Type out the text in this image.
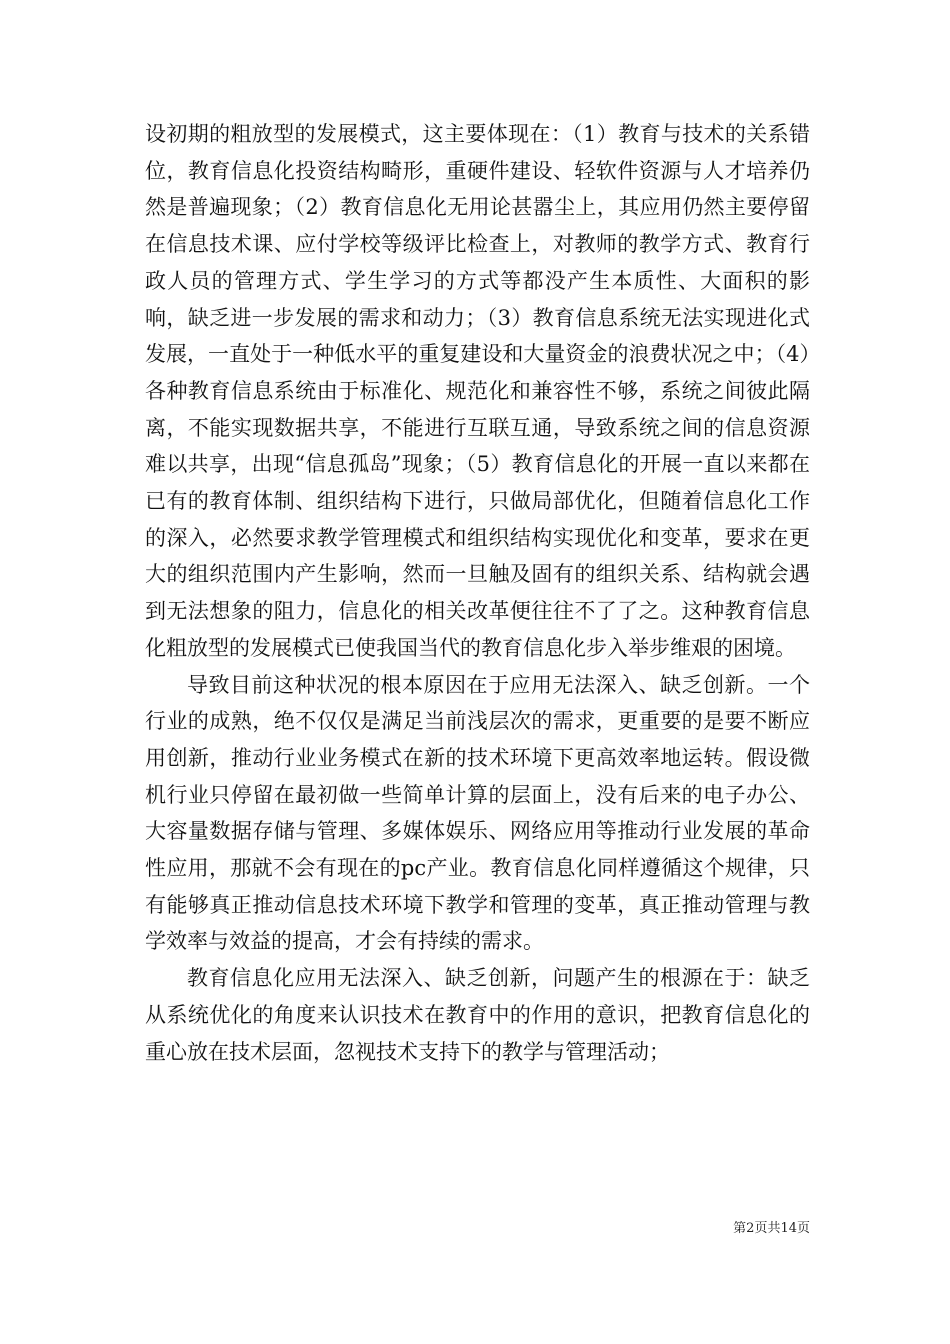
设初期的粗放型的发展模式，这主要体现在：（1）教育与技术的关系错位，教育信息化投资结构畸形，重硬件建设、轻软件资源与人才培养仍然是普遍现象；（2）教育信息化无用论甚嚣尘上，其应用仍然主要停留在信息技术课、应付学校等级评比检查上，对教师的教学方式、教育行政人员的管理方式、学生学习的方式等都没产生本质性、大面积的影响，缺乏进一步发展的需求和动力；（3）教育信息系统无法实现进化式发展，一直处于一种低水平的重复建设和大量资金的浪费状况之中；（4）各种教育信息系统由于标准化、规范化和兼容性不够，系统之间彼此隔离，不能实现数据共享，不能进行互联互通，导致系统之间的信息资源难以共享，出现“信息孤岛”现象；（5）教育信息化的开展一直以来都在已有的教育体制、组织结构下进行，只做局部优化，但随着信息化工作的深入，必然要求教学管理模式和组织结构实现优化和变革，要求在更大的组织范围内产生影响，然而一旦触及固有的组织关系、结构就会遇到无法想象的阻力，信息化的相关改革便往往不了了之。这种教育信息化粗放型的发展模式已使我国当代的教育信息化步入举步维艰的困境。

导致目前这种状况的根本原因在于应用无法深入、缺乏创新。一个行业的成熟，绝不仅仅是满足当前浅层次的需求，更重要的是要不断应用创新，推动行业业务模式在新的技术环境下更高效率地运转。假设微机行业只停留在最初做一些简单计算的层面上，没有后来的电子办公、大容量数据存储与管理、多媒体娱乐、网络应用等推动行业发展的革命性应用，那就不会有现在的pc产业。教育信息化同样遵循这个规律，只有能够真正推动信息技术环境下教学和管理的变革，真正推动管理与教学效率与效益的提高，才会有持续的需求。

教育信息化应用无法深入、缺乏创新，问题产生的根源在于：缺乏从系统优化的角度来认识技术在教育中的作用的意识，把教育信息化的重心放在技术层面，忽视技术支持下的教学与管理活动；

第2页共14页
